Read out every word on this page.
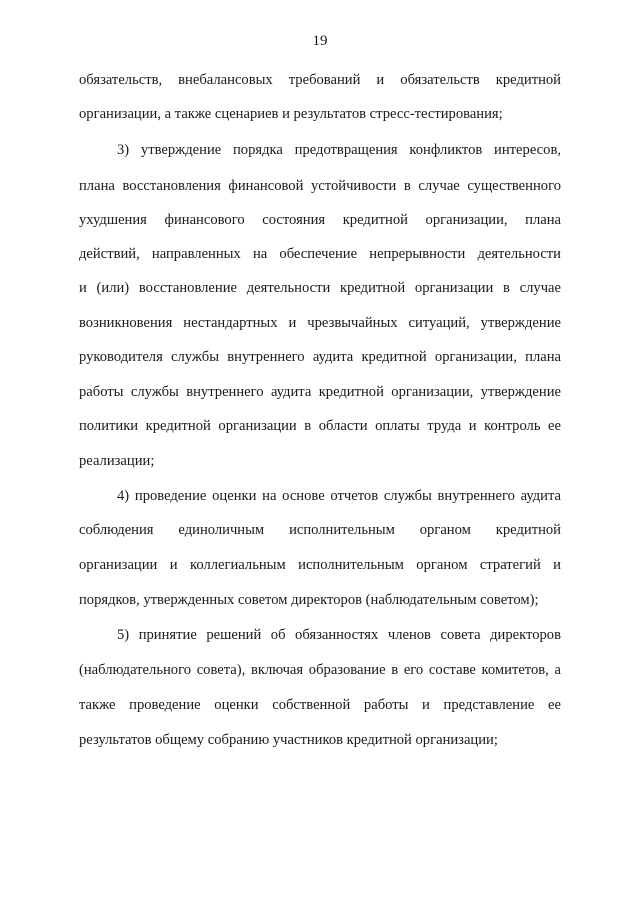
19
обязательств, внебалансовых требований и обязательств кредитной
организации, а также сценариев и результатов стресс-тестирования;
3) утверждение порядка предотвращения конфликтов интересов,
плана восстановления финансовой устойчивости в случае существенного
ухудшения финансового состояния кредитной организации, плана
действий, направленных на обеспечение непрерывности деятельности
и (или) восстановление деятельности кредитной организации в случае
возникновения нестандартных и чрезвычайных ситуаций, утверждение
руководителя службы внутреннего аудита кредитной организации, плана
работы службы внутреннего аудита кредитной организации, утверждение
политики кредитной организации в области оплаты труда и контроль ее
реализации;
4) проведение оценки на основе отчетов службы внутреннего аудита
соблюдения единоличным исполнительным органом кредитной
организации и коллегиальным исполнительным органом стратегий и
порядков, утвержденных советом директоров (наблюдательным советом);
5) принятие решений об обязанностях членов совета директоров
(наблюдательного совета), включая образование в его составе комитетов, а
также проведение оценки собственной работы и представление ее
результатов общему собранию участников кредитной организации;
